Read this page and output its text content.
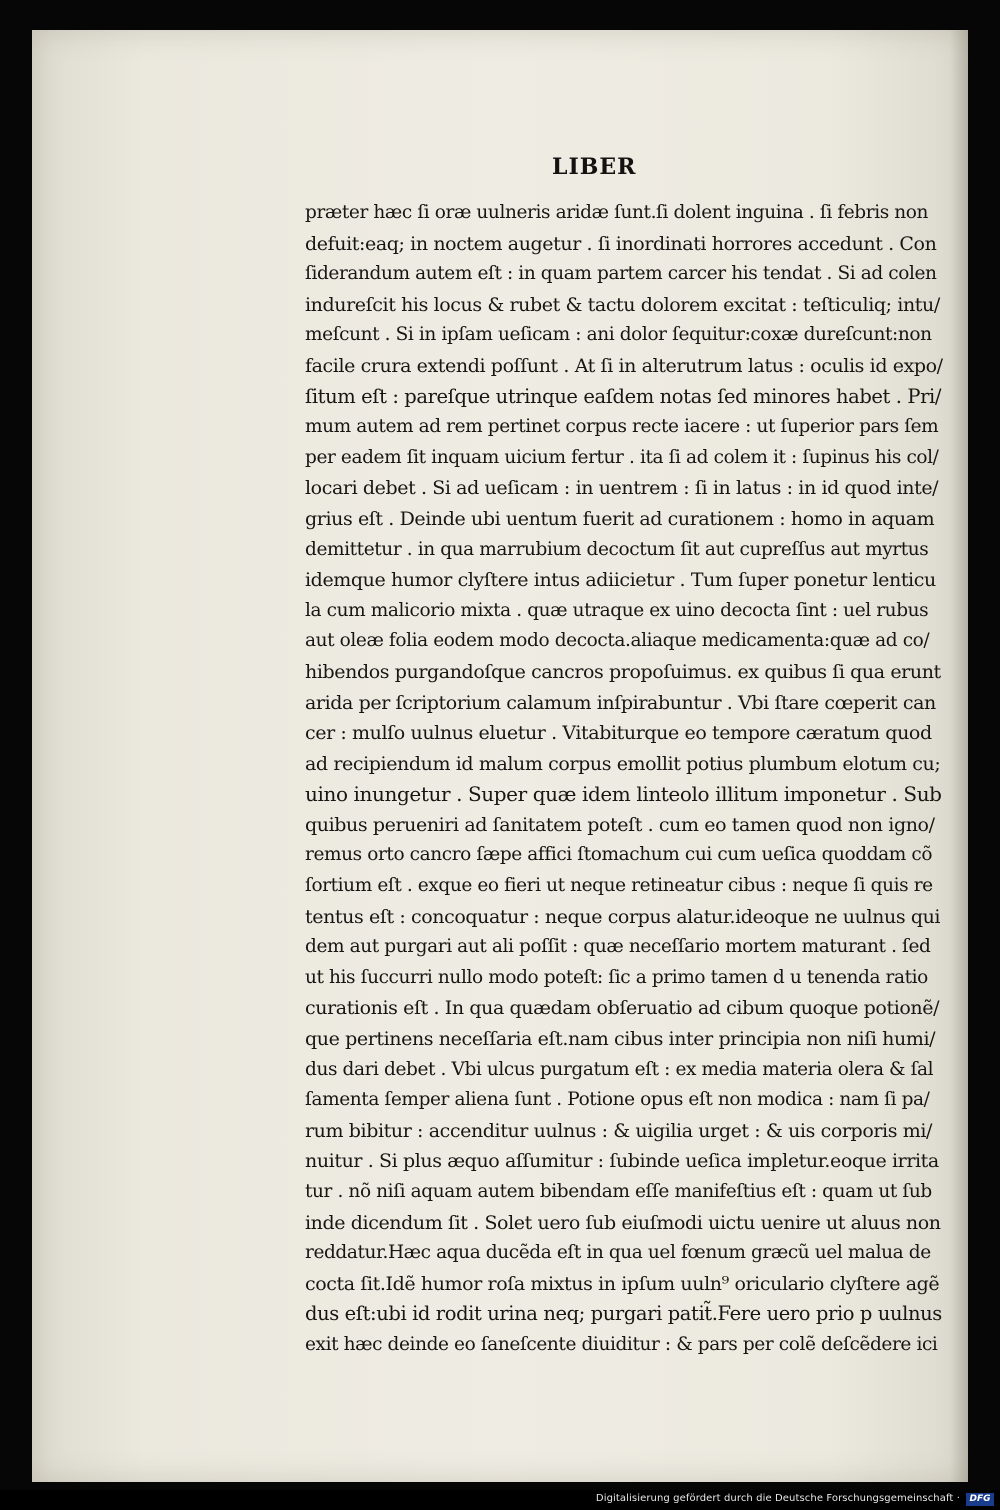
LIBER
præter hæc ſi oræ uulneris aridæ ſunt.ſi dolent inguina . ſi febris non
defuit:eaq; in noctem augetur . ſi inordinati horrores accedunt . Con
ſiderandum autem eſt : in quam partem carcer his tendat . Si ad colen
indureſcit his locus & rubet & tactu dolorem excitat : teſticuliq; intu/
meſcunt . Si in ipſam ueſicam : ani dolor ſequitur:coxæ dureſcunt:non
facile crura extendi poſſunt . At ſi in alterutrum latus : oculis id expo/
ſitum eſt : pareſque utrinque eaſdem notas ſed minores habet . Pri/
mum autem ad rem pertinet corpus recte iacere : ut ſuperior pars ſem
per eadem ſit inquam uicium fertur . ita ſi ad colem it : ſupinus his col/
locari debet . Si ad ueſicam : in uentrem : ſi in latus : in id quod inte/
grius eſt . Deinde ubi uentum fuerit ad curationem : homo in aquam
demittetur . in qua marrubium decoctum ſit aut cupreſſus aut myrtus
idemque humor clyſtere intus adiicietur . Tum ſuper ponetur lenticu
la cum malicorio mixta . quæ utraque ex uino decocta ſint : uel rubus
aut oleæ folia eodem modo decocta.aliaque medicamenta:quæ ad co/
hibendos purgandoſque cancros propoſuimus. ex quibus ſi qua erunt
arida per ſcriptorium calamum inſpirabuntur . Vbi ſtare cœperit can
cer : mulſo uulnus eluetur . Vitabiturque eo tempore cæratum quod
ad recipiendum id malum corpus emollit potius plumbum elotum cu;
uino inungetur . Super quæ idem linteolo illitum imponetur . Sub
quibus perueniri ad ſanitatem poteſt . cum eo tamen quod non igno/
remus orto cancro ſæpe affici ſtomachum cui cum ueſica quoddam cõ
ſortium eſt . exque eo fieri ut neque retineatur cibus : neque ſi quis re
tentus eſt : concoquatur : neque corpus alatur.ideoque ne uulnus qui
dem aut purgari aut ali poſſit : quæ neceſſario mortem maturant . ſed
ut his ſuccurri nullo modo poteſt: ſic a primo tamen d u tenenda ratio
curationis eſt . In qua quædam obſeruatio ad cibum quoque potionẽ/
que pertinens neceſſaria eſt.nam cibus inter principia non niſi humi/
dus dari debet . Vbi ulcus purgatum eſt : ex media materia olera & ſal
ſamenta ſemper aliena ſunt . Potione opus eſt non modica : nam ſi pa/
rum bibitur : accenditur uulnus : & uigilia urget : & uis corporis mi/
nuitur . Si plus æquo aſſumitur : ſubinde ueſica impletur.eoque irrita
tur . nõ niſi aquam autem bibendam eſſe manifeſtius eſt : quam ut ſub
inde dicendum ſit . Solet uero ſub eiuſmodi uictu uenire ut aluus non
reddatur.Hæc aqua ducẽda eſt in qua uel fœnum græcũ uel malua de
cocta ſit.Idẽ humor roſa mixtus in ipſum uuln⁹ oriculario clyſtere agẽ
dus eſt:ubi id rodit urina neq; purgari patit̃.Fere uero prio p uulnus
exit hæc deinde eo ſaneſcente diuiditur : & pars per colẽ deſcẽdere ici
Digitalisierung gefördert durch die Deutsche Forschungsgemeinschaft ·	DFG
